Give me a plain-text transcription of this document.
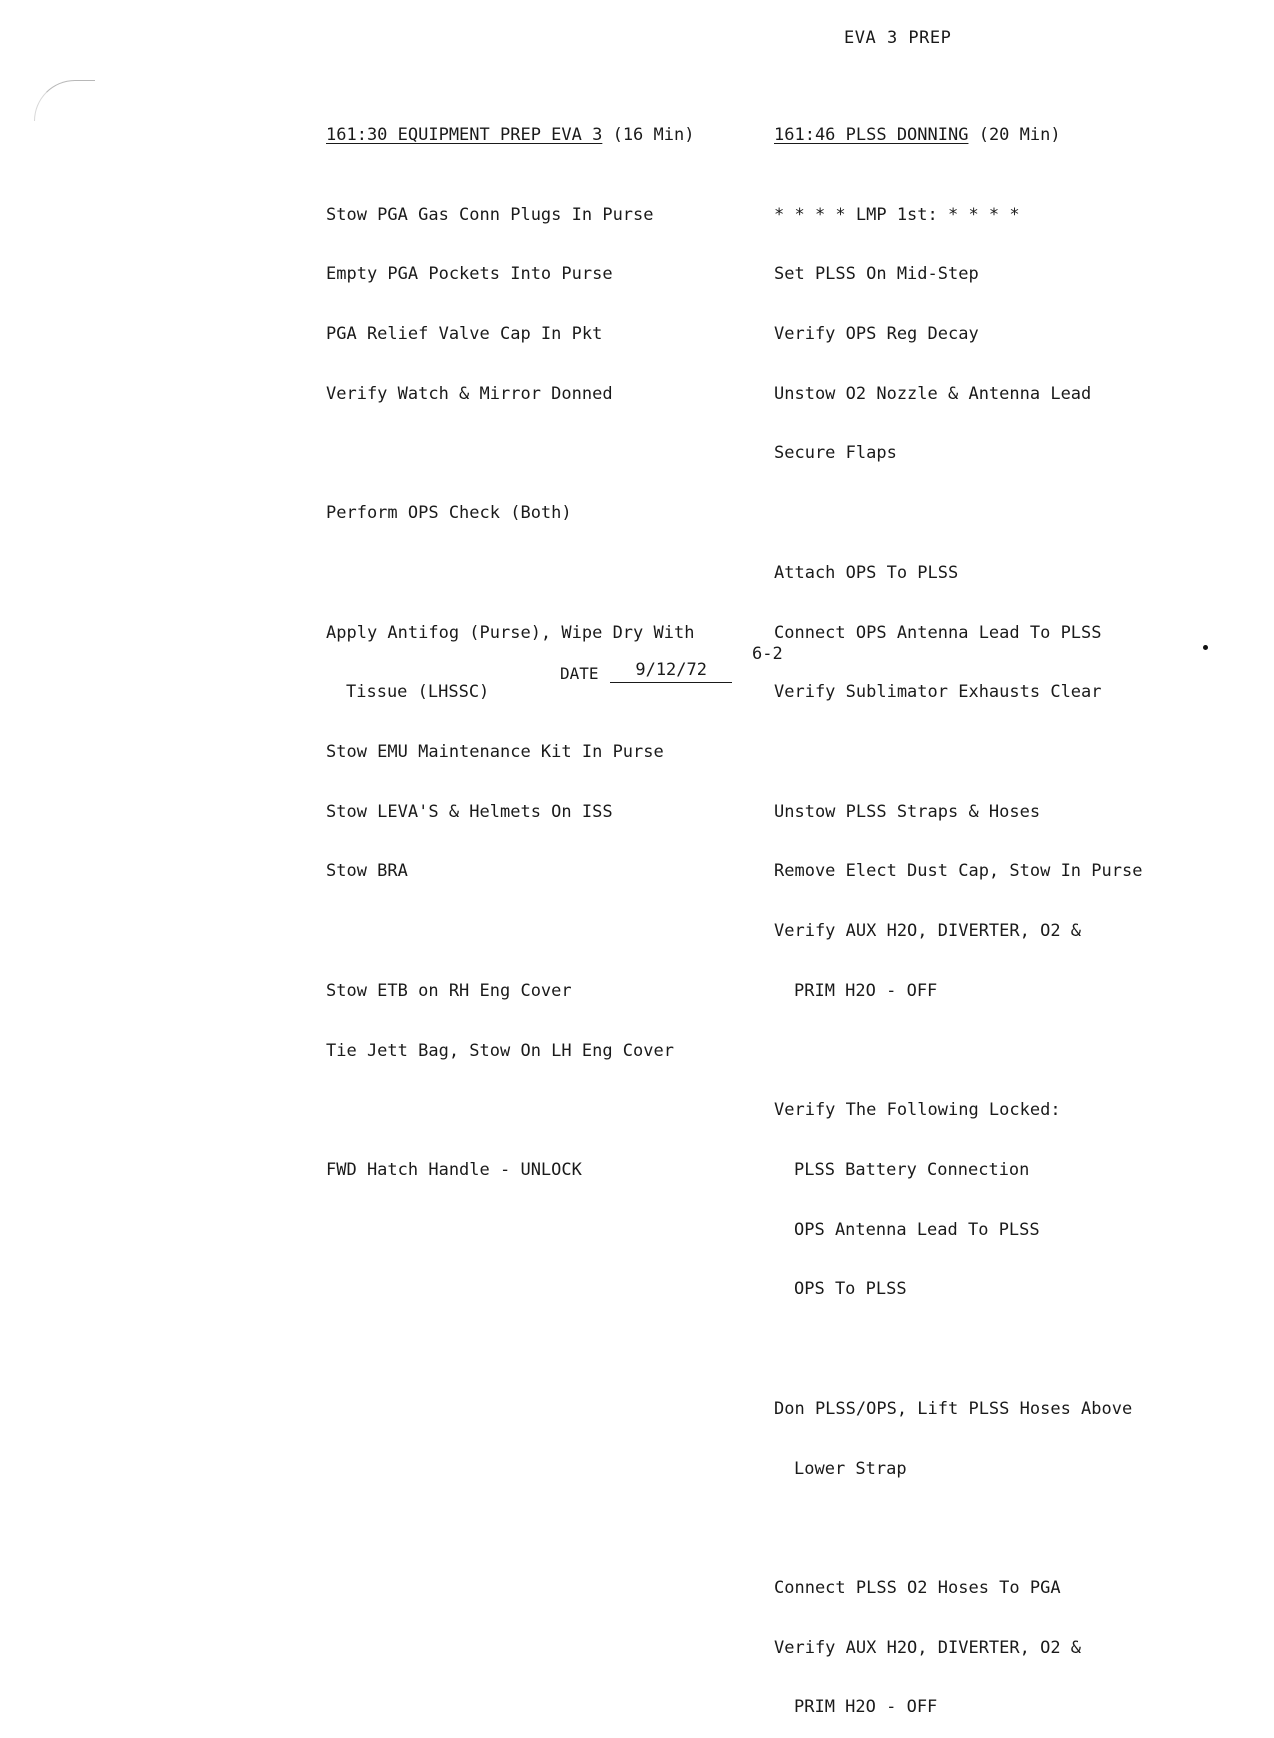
EVA 3 PREP

161:30 EQUIPMENT PREP EVA 3 (16 Min)

Stow PGA Gas Conn Plugs In Purse

Empty PGA Pockets Into Purse

PGA Relief Valve Cap In Pkt

Verify Watch & Mirror Donned

Perform OPS Check (Both)

Apply Antifog (Purse), Wipe Dry With

Tissue (LHSSC)

Stow EMU Maintenance Kit In Purse

Stow LEVA'S & Helmets On ISS

Stow BRA

Stow ETB on RH Eng Cover

Tie Jett Bag, Stow On LH Eng Cover

FWD Hatch Handle - UNLOCK

161:46 PLSS DONNING (20 Min)

* * * * LMP 1st: * * * *

Set PLSS On Mid-Step

Verify OPS Reg Decay

Unstow O2 Nozzle & Antenna Lead

Secure Flaps

Attach OPS To PLSS

Connect OPS Antenna Lead To PLSS

Verify Sublimator Exhausts Clear

Unstow PLSS Straps & Hoses

Remove Elect Dust Cap, Stow In Purse

Verify AUX H2O, DIVERTER, O2 &

PRIM H2O - OFF

Verify The Following Locked:

PLSS Battery Connection

OPS Antenna Lead To PLSS

OPS To PLSS

Don PLSS/OPS, Lift PLSS Hoses Above

Lower Strap

Connect PLSS O2 Hoses To PGA

Verify AUX H2O, DIVERTER, O2 &

PRIM H2O - OFF

6-2
DATE 9/12/72
